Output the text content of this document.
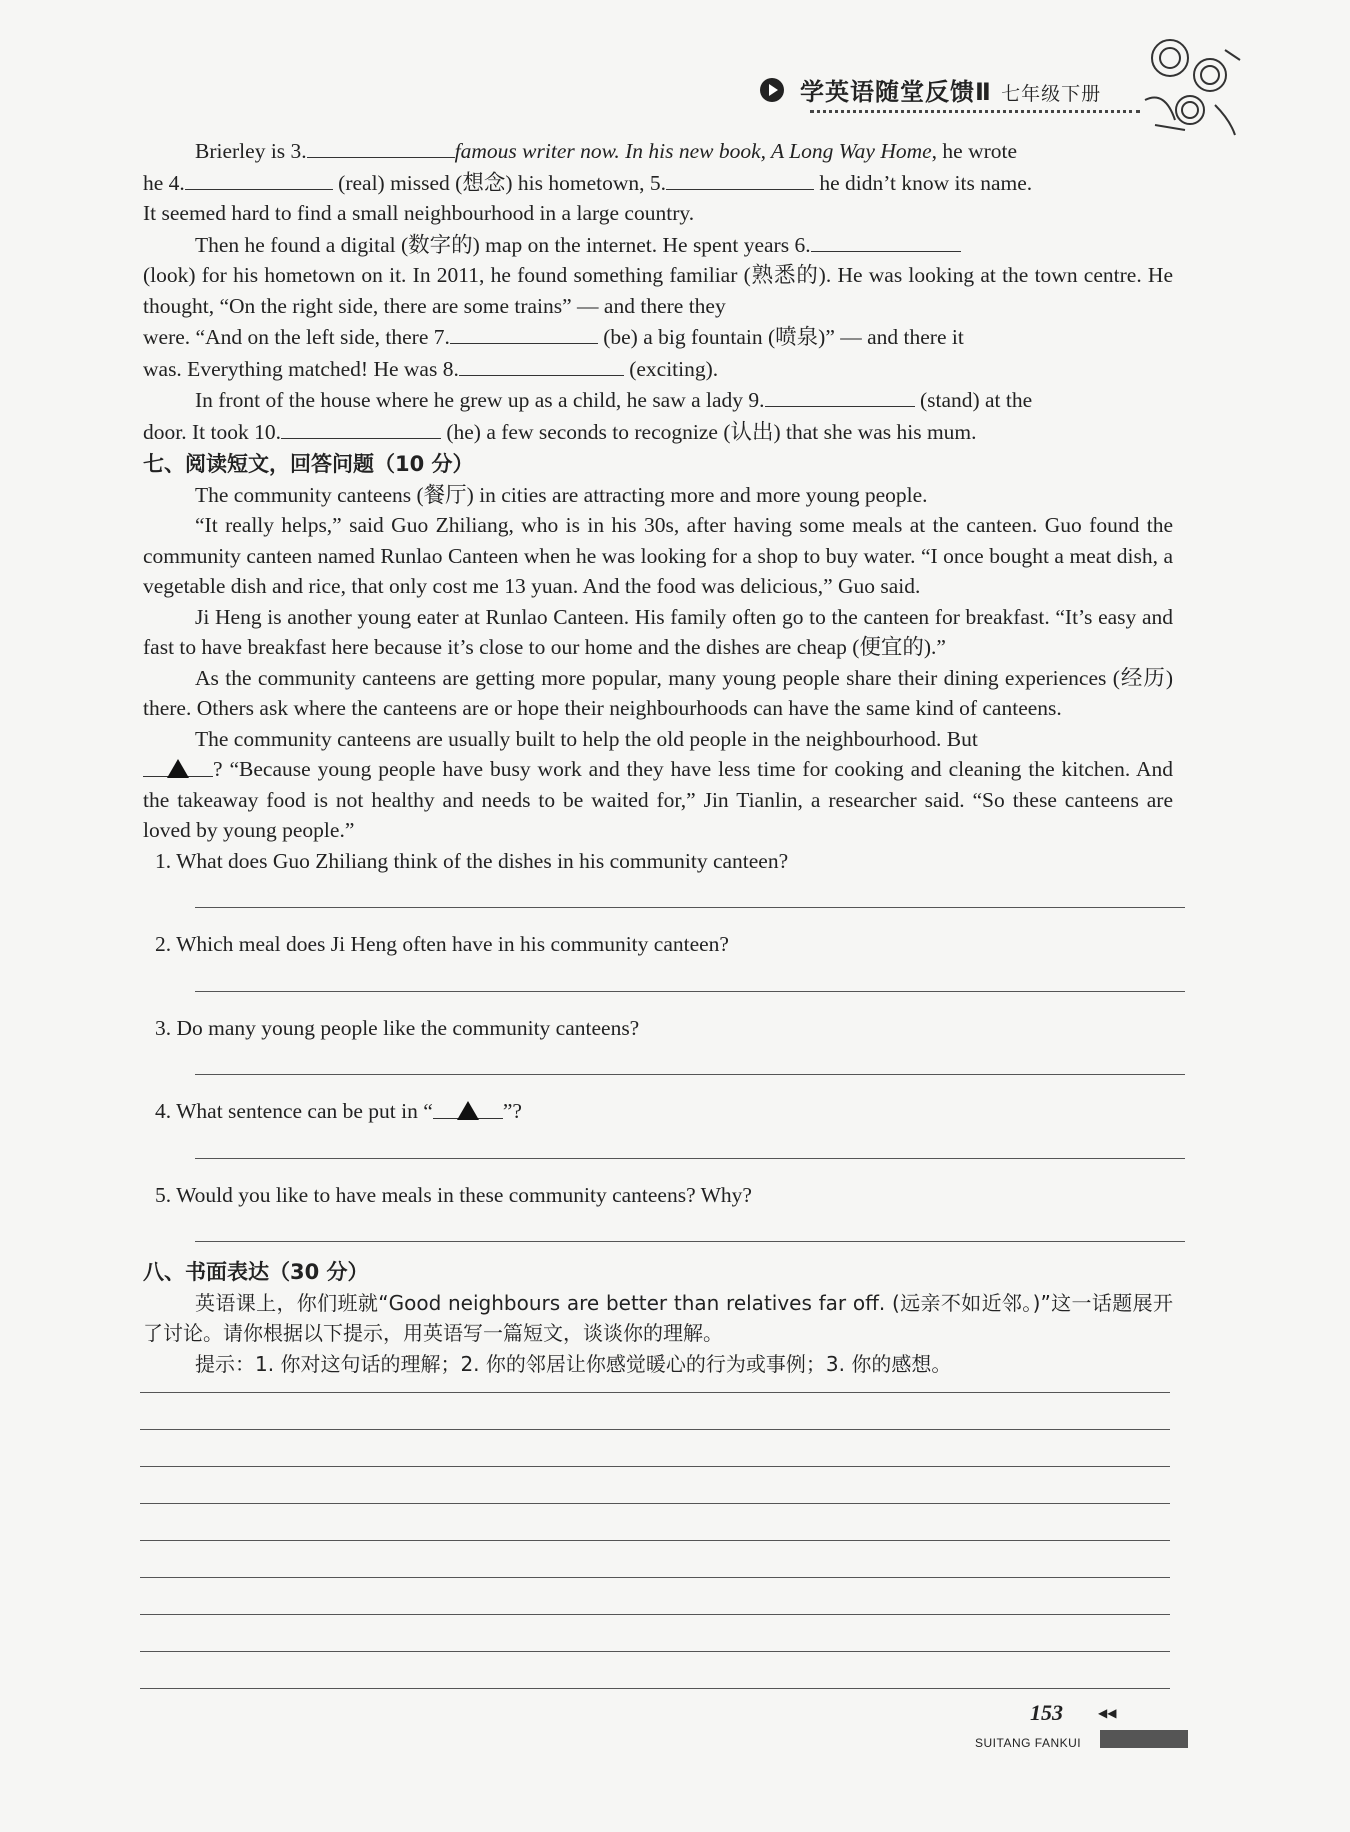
学英语随堂反馈Ⅱ 七年级下册

Brierley is 3.	famous writer now. In his new book, A Long Way Home, he wrote

he 4.	(real) missed (想念) his hometown, 5.	he didn’t know its name.

It seemed hard to find a small neighbourhood in a large country.

Then he found a digital (数字的) map on the internet. He spent years 6.

(look) for his hometown on it. In 2011, he found something familiar (熟悉的). He was looking at the town centre. He thought, “On the right side, there are some trains” — and there they

were. “And on the left side, there 7.	(be) a big fountain (喷泉)” — and there it

was. Everything matched! He was 8.	(exciting).

In front of the house where he grew up as a child, he saw a lady 9.	(stand) at the

door. It took 10.	(he) a few seconds to recognize (认出) that she was his mum.

七、阅读短文，回答问题（10 分）

The community canteens (餐厅) in cities are attracting more and more young people.

“It really helps,” said Guo Zhiliang, who is in his 30s, after having some meals at the canteen. Guo found the community canteen named Runlao Canteen when he was looking for a shop to buy water. “I once bought a meat dish, a vegetable dish and rice, that only cost me 13 yuan. And the food was delicious,” Guo said.

Ji Heng is another young eater at Runlao Canteen. His family often go to the canteen for breakfast. “It’s easy and fast to have breakfast here because it’s close to our home and the dishes are cheap (便宜的).”

As the community canteens are getting more popular, many young people share their dining experiences (经历) there. Others ask where the canteens are or hope their neighbourhoods can have the same kind of canteens.

The community canteens are usually built to help the old people in the neighbourhood. But

? “Because young people have busy work and they have less time for cooking and cleaning the kitchen. And the takeaway food is not healthy and needs to be waited for,” Jin Tianlin, a researcher said. “So these canteens are loved by young people.”

1. What does Guo Zhiliang think of the dishes in his community canteen?

2. Which meal does Ji Heng often have in his community canteen?

3. Do many young people like the community canteens?

4. What sentence can be put in “	”?

5. Would you like to have meals in these community canteens? Why?

八、书面表达（30 分）

英语课上，你们班就“Good neighbours are better than relatives far off. (远亲不如近邻。)”这一话题展开了讨论。请你根据以下提示，用英语写一篇短文，谈谈你的理解。

提示：1. 你对这句话的理解；2. 你的邻居让你感觉暖心的行为或事例；3. 你的感想。

153	◀◀
SUITANG FANKUI
